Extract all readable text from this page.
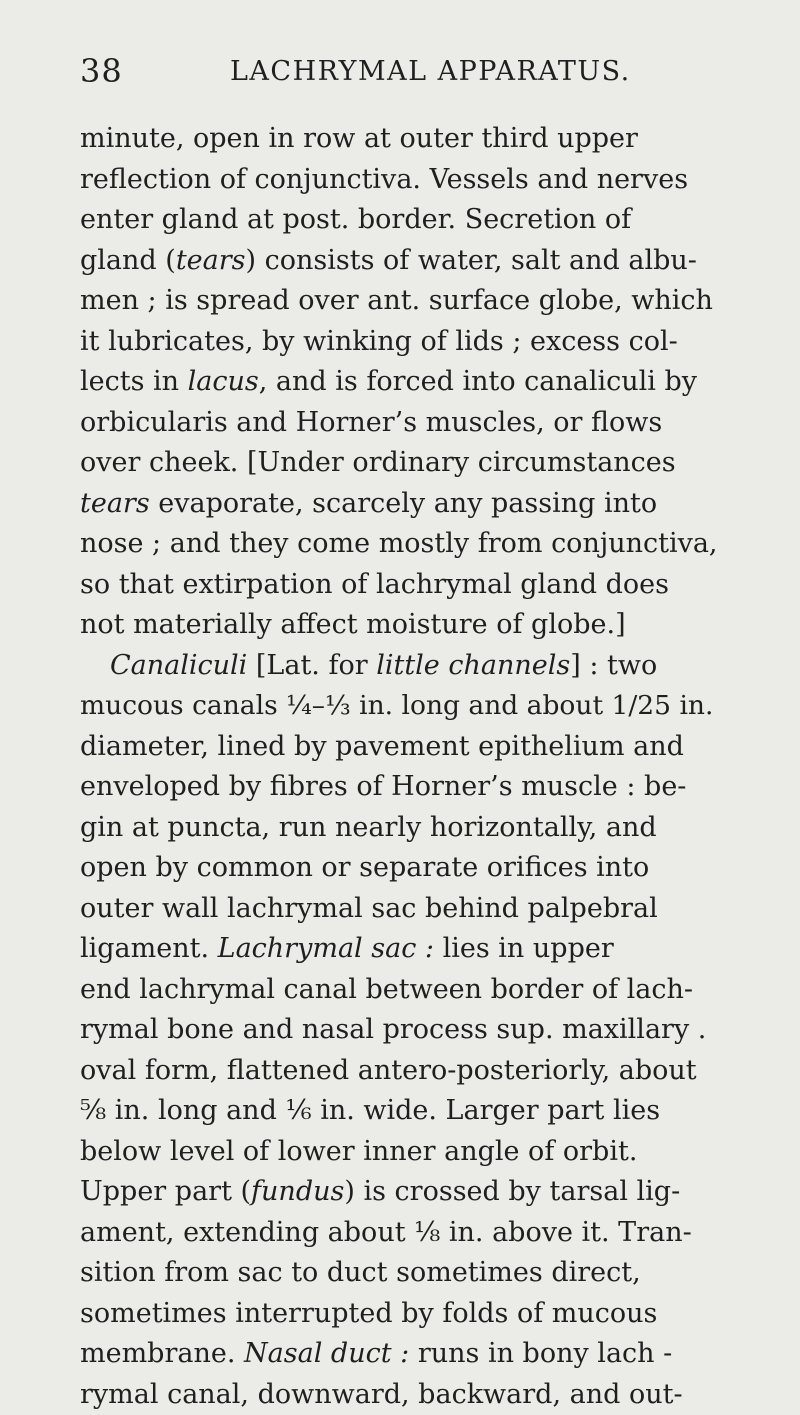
38	LACHRYMAL APPARATUS.
minute, open in row at outer third upper
reflection of conjunctiva. Vessels and nerves
enter gland at post. border. Secretion of
gland (tears) consists of water, salt and albu-
men ; is spread over ant. surface globe, which
it lubricates, by winking of lids ; excess col-
lects in lacus, and is forced into canaliculi by
orbicularis and Horner’s muscles, or flows
over cheek. [Under ordinary circumstances
tears evaporate, scarcely any passing into
nose ; and they come mostly from conjunctiva,
so that extirpation of lachrymal gland does
not materially affect moisture of globe.]
Canaliculi [Lat. for little channels] : two
mucous canals ¼–⅓ in. long and about 1/25 in.
diameter, lined by pavement epithelium and
enveloped by fibres of Horner’s muscle : be-
gin at puncta, run nearly horizontally, and
open by common or separate orifices into
outer wall lachrymal sac behind palpebral
ligament. Lachrymal sac : lies in upper
end lachrymal canal between border of lach-
rymal bone and nasal process sup. maxillary .
oval form, flattened antero-posteriorly, about
⅝ in. long and ⅙ in. wide. Larger part lies
below level of lower inner angle of orbit.
Upper part (fundus) is crossed by tarsal lig-
ament, extending about ⅛ in. above it. Tran-
sition from sac to duct sometimes direct,
sometimes interrupted by folds of mucous
membrane. Nasal duct : runs in bony lach -
rymal canal, downward, backward, and out-
